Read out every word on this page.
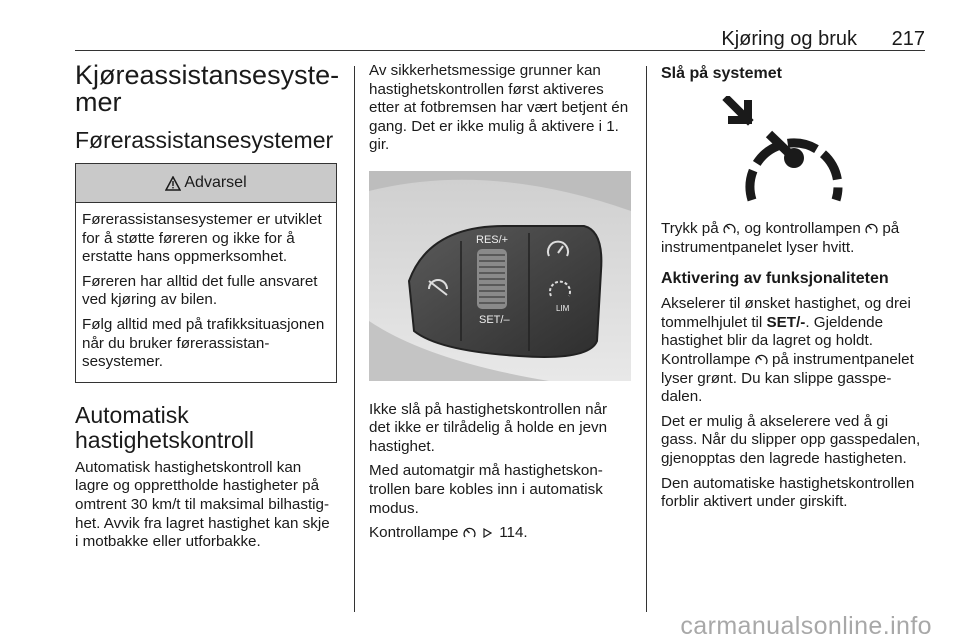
Kjøring og bruk 217
Kjøreassistansesyste-
mer
Førerassistansesystemer
Advarsel

Førerassistansesystemer er utviklet for å støtte føreren og ikke for å erstatte hans oppmerksomhet.

Føreren har alltid det fulle ansvaret ved kjøring av bilen.

Følg alltid med på trafikksituasjonen når du bruker førerassistansesystemer.

Automatisk
hastighetskontroll

Automatisk hastighetskontroll kan lagre og opprettholde hastigheter på omtrent 30 km/t til maksimal bilhastighet. Avvik fra lagret hastighet kan skje i motbakke eller utforbakke.

Av sikkerhetsmessige grunner kan hastighetskontrollen først aktiveres etter at fotbremsen har vært betjent én gang. Det er ikke mulig å aktivere i 1. gir.

RES/+
SET/–
LIM

Ikke slå på hastighetskontrollen når det ikke er tilrådelig å holde en jevn hastighet.

Med automatgir må hastighetskontrollen bare kobles inn i automatisk modus.

Kontrollampe	114.

Slå på systemet

Trykk på , og kontrollampen på instrumentpanelet lyser hvitt.

Aktivering av funksjonaliteten

Akselerer til ønsket hastighet, og drei tommelhjulet til SET/-. Gjeldende hastighet blir da lagret og holdt. Kontrollampe på instrumentpanelet lyser grønt. Du kan slippe gasspedalen.

Det er mulig å akselerere ved å gi gass. Når du slipper opp gasspedalen, gjenopptas den lagrede hastigheten.

Den automatiske hastighetskontrollen forblir aktivert under girskift.

carmanualsonline.info
